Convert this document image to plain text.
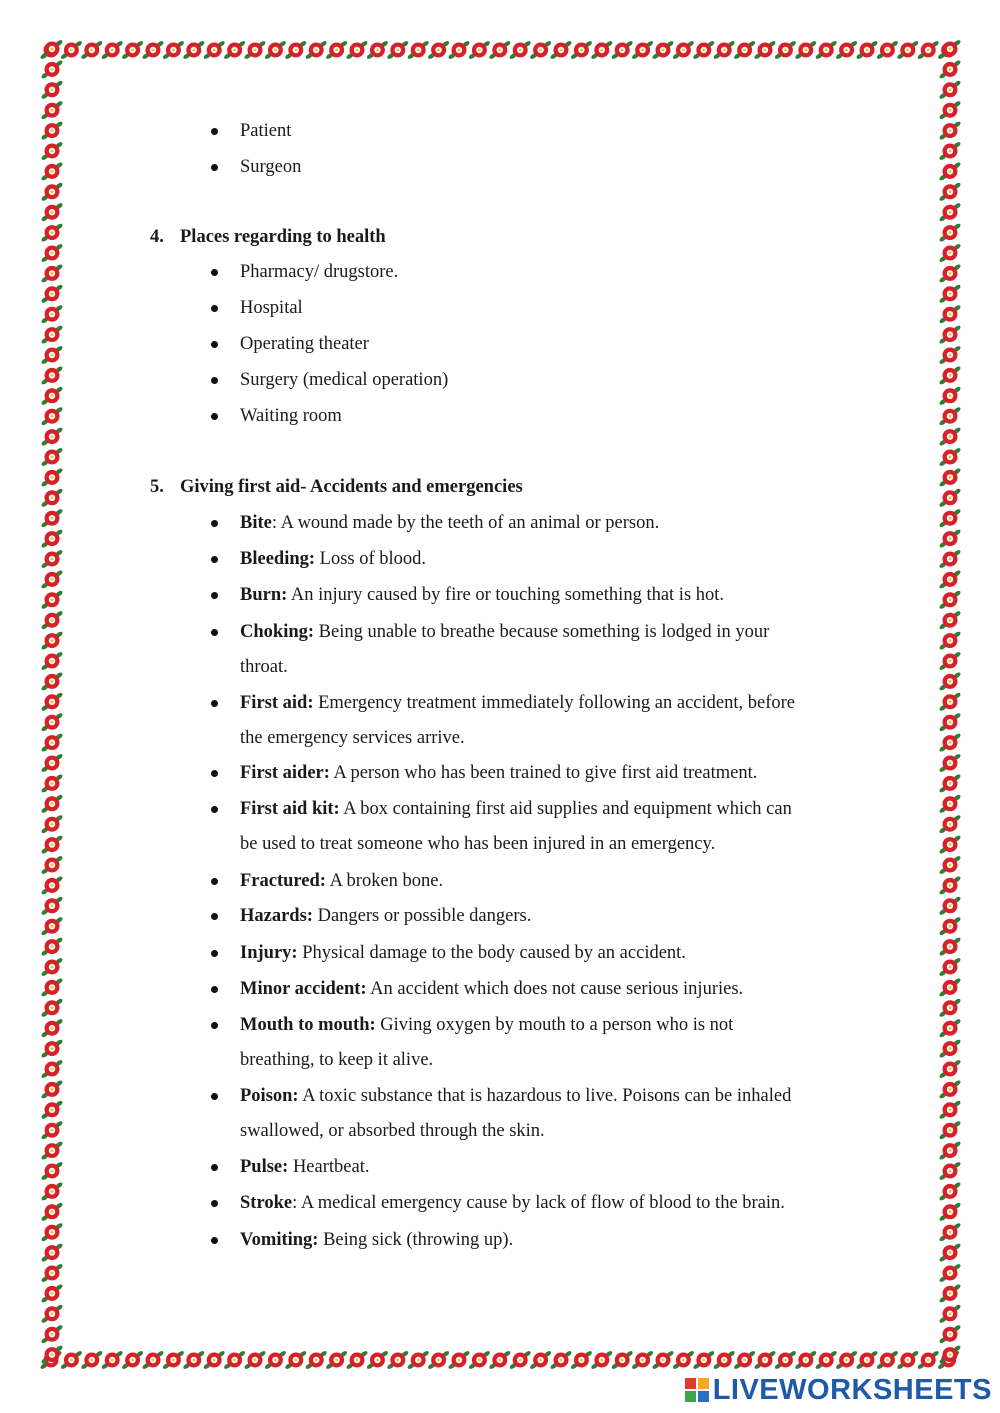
Patient
Surgeon
4. Places regarding to health
Pharmacy/ drugstore.
Hospital
Operating theater
Surgery (medical operation)
Waiting room
5. Giving first aid- Accidents and emergencies
Bite: A wound made by the teeth of an animal or person.
Bleeding: Loss of blood.
Burn: An injury caused by fire or touching something that is hot.
Choking: Being unable to breathe because something is lodged in your
throat.
First aid: Emergency treatment immediately following an accident, before
the emergency services arrive.
First aider: A person who has been trained to give first aid treatment.
First aid kit: A box containing first aid supplies and equipment which can
be used to treat someone who has been injured in an emergency.
Fractured: A broken bone.
Hazards: Dangers or possible dangers.
Injury: Physical damage to the body caused by an accident.
Minor accident: An accident which does not cause serious injuries.
Mouth to mouth: Giving oxygen by mouth to a person who is not
breathing, to keep it alive.
Poison: A toxic substance that is hazardous to live. Poisons can be inhaled
swallowed, or absorbed through the skin.
Pulse: Heartbeat.
Stroke: A medical emergency cause by lack of flow of blood to the brain.
Vomiting: Being sick (throwing up).
LIVEWORKSHEETS
